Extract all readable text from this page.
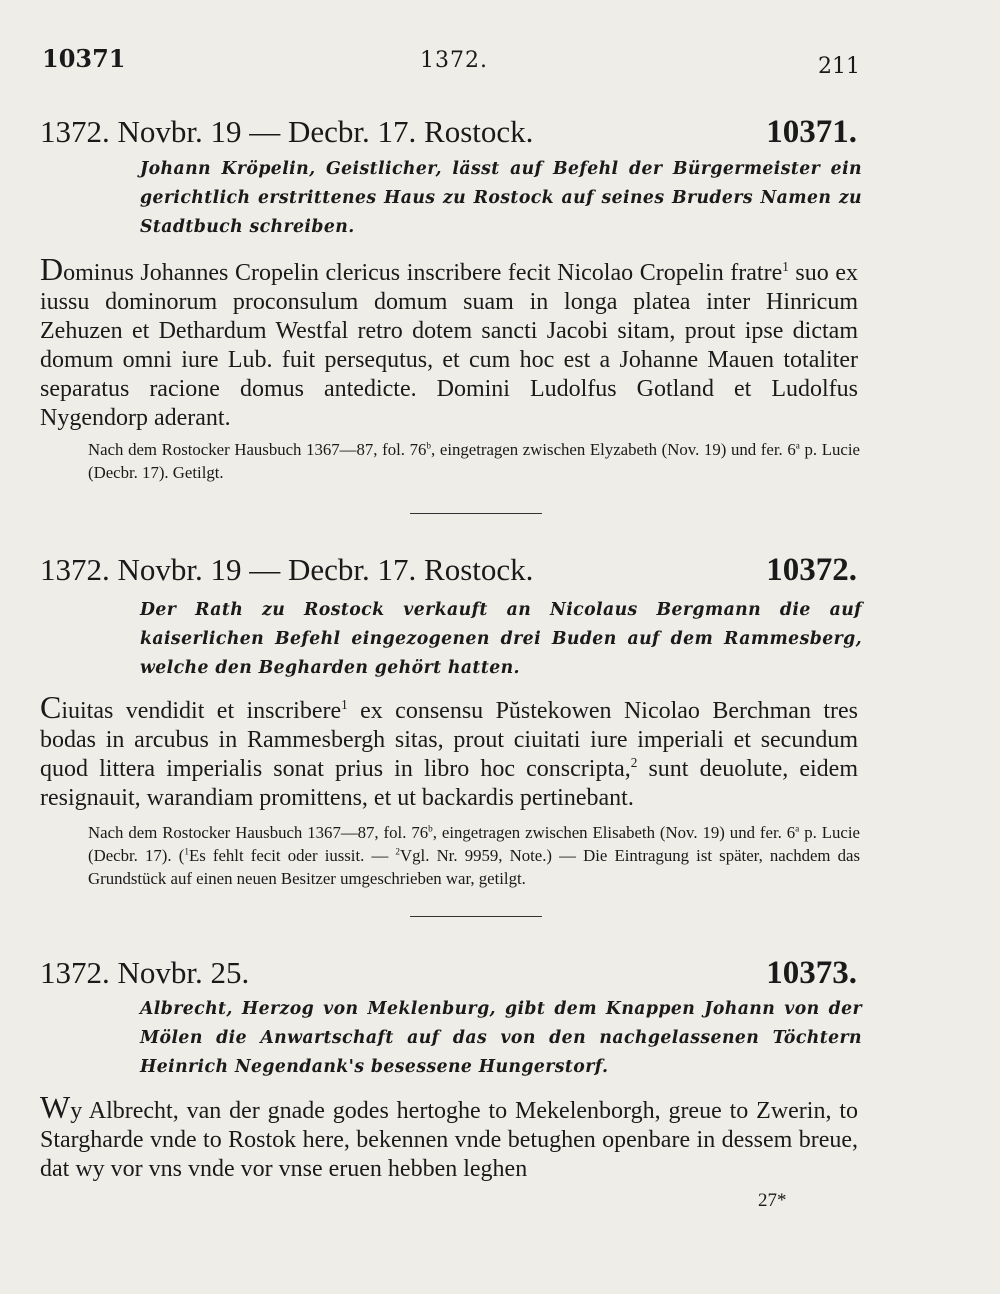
10371	1372.	211
1372. Novbr. 19 — Decbr. 17. Rostock.	10371.
Johann Kröpelin, Geistlicher, lässt auf Befehl der Bürgermeister ein gerichtlich erstrittenes Haus zu Rostock auf seines Bruders Namen zu Stadtbuch schreiben.
Dominus Johannes Cropelin clericus inscribere fecit Nicolao Cropelin fratre$^1$ suo ex iussu dominorum proconsulum domum suam in longa platea inter Hinricum Zehuzen et Dethardum Westfal retro dotem sancti Jacobi sitam, prout ipse dictam domum omni iure Lub. fuit persequtus, et cum hoc est a Johanne Mauen totaliter separatus racione domus antedicte. Domini Ludolfus Gotland et Ludolfus Nygendorp aderant.
Nach dem Rostocker Hausbuch 1367—87, fol. 76$^b$, eingetragen zwischen Elyzabeth (Nov. 19) und fer. 6$^a$ p. Lucie (Decbr. 17). Getilgt.
1372. Novbr. 19 — Decbr. 17. Rostock.	10372.
Der Rath zu Rostock verkauft an Nicolaus Bergmann die auf kaiserlichen Befehl eingezogenen drei Buden auf dem Rammesberg, welche den Begharden gehört hatten.
Ciuitas vendidit et inscribere$^1$ ex consensu Pŭstekowen Nicolao Berchman tres bodas in arcubus in Rammesbergh sitas, prout ciuitati iure imperiali et secundum quod littera imperialis sonat prius in libro hoc conscripta,$^2$ sunt deuolute, eidem resignauit, warandiam promittens, et ut backardis pertinebant.
Nach dem Rostocker Hausbuch 1367—87, fol. 76$^b$, eingetragen zwischen Elisabeth (Nov. 19) und fer. 6$^a$ p. Lucie (Decbr. 17). ($^1$Es fehlt fecit oder iussit. — $^2$Vgl. Nr. 9959, Note.) — Die Eintragung ist später, nachdem das Grundstück auf einen neuen Besitzer umgeschrieben war, getilgt.
1372. Novbr. 25.	10373.
Albrecht, Herzog von Meklenburg, gibt dem Knappen Johann von der Mölen die Anwartschaft auf das von den nachgelassenen Töchtern Heinrich Negendank's besessene Hungerstorf.
Wy Albrecht, van der gnade godes hertoghe to Mekelenborgh, greue to Zwerin, to Stargharde vnde to Rostok here, bekennen vnde betughen openbare in dessem breue, dat wy vor vns vnde vor vnse eruen hebben leghen
27*
